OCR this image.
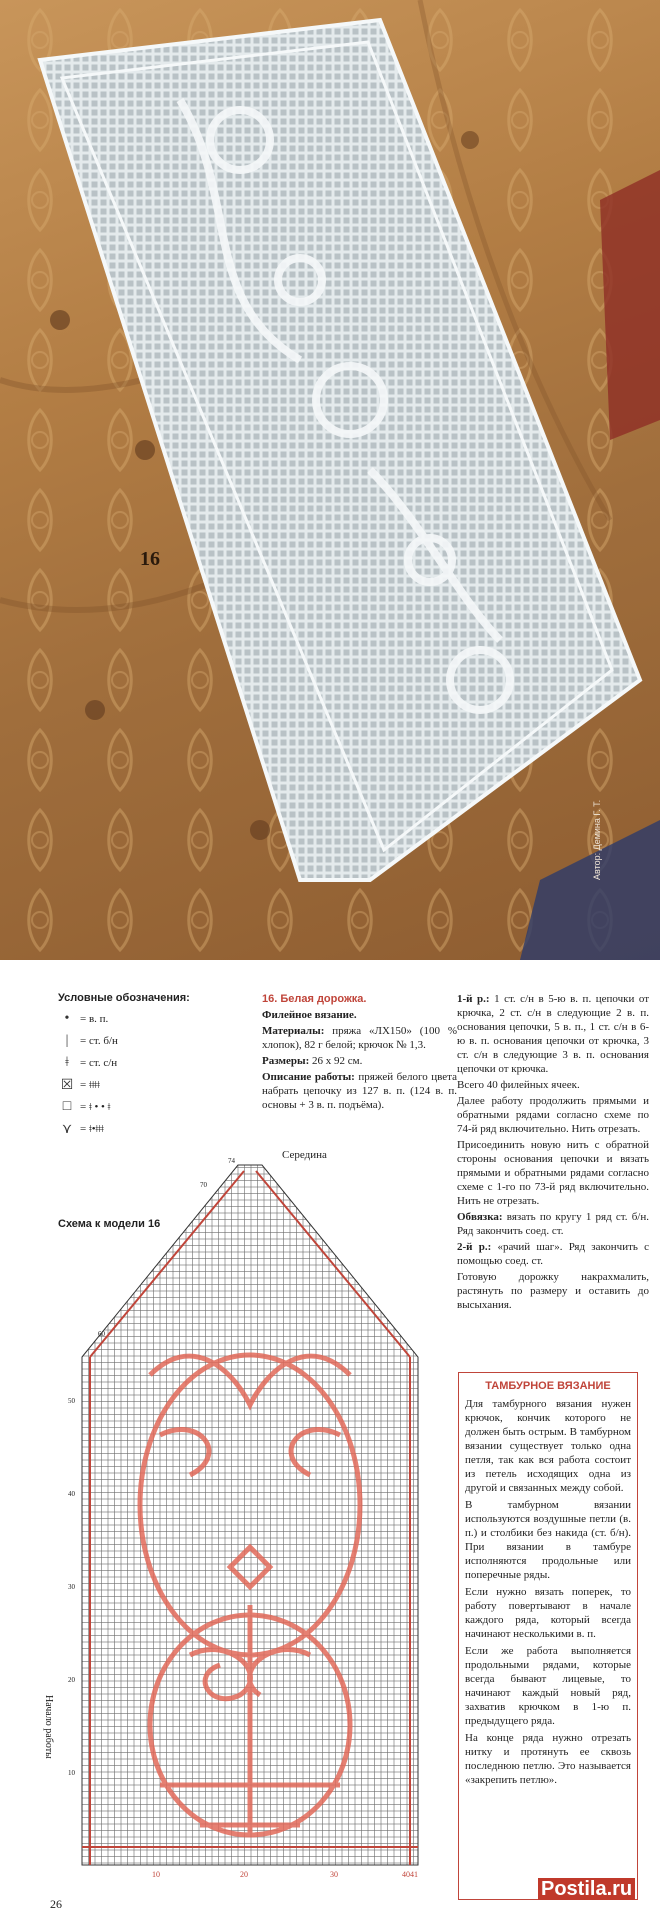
16
Автор: Демина Г. Т.
Условные обозначения:
• = в. п.
|	= ст. б/н
ǂ	= ст. с/н
☒ = ǂǂǂǂ
□ = ǂ • • ǂ
⋎ = ǂ•ǂǂǂ
Схема к модели 16
Середина
Начало работы
74
70
60
50
40
30
20
10
10	20	30	4041

16. Белая дорожка.

Филейное вязание.

Материалы: пряжа «ЛХ150» (100 % хлопок), 82 г белой; крючок № 1,3.

Размеры: 26 х 92 см.

Описание работы: пряжей белого цвета набрать цепочку из 127 в. п. (124 в. п. основы + 3 в. п. подъёма).

1-й р.: 1 ст. с/н в 5-ю в. п. цепочки от крючка, 2 ст. с/н в следующие 2 в. п. основания цепочки, 5 в. п., 1 ст. с/н в 6-ю в. п. основания цепочки от крючка, 3 ст. с/н в следующие 3 в. п. основания цепочки от крючка.

Всего 40 филейных ячеек.

Далее работу продолжить прямыми и обратными рядами согласно схеме по 74-й ряд включительно. Нить отрезать.

Присоединить новую нить с обратной стороны основания цепочки и вязать прямыми и обратными рядами согласно схеме с 1-го по 73-й ряд включительно. Нить не отрезать.

Обвязка: вязать по кругу 1 ряд ст. б/н. Ряд закончить соед. ст.

2-й р.: «рачий шаг». Ряд закончить с помощью соед. ст.

Готовую дорожку накрахмалить, растянуть по размеру и оставить до высыхания.

ТАМБУРНОЕ ВЯЗАНИЕ

Для тамбурного вязания нужен крючок, кончик которого не должен быть острым. В тамбурном вязании существует только одна петля, так как вся работа состоит из петель исходящих одна из другой и связанных между собой.

В тамбурном вязании используются воздушные петли (в. п.) и столбики без накида (ст. б/н). При вязании в тамбуре исполняются продольные или поперечные ряды.

Если нужно вязать поперек, то работу повертывают в начале каждого ряда, который всегда начинают несколькими в. п.

Если же работа выполняется продольными рядами, которые всегда бывают лицевые, то начинают каждый новый ряд, захватив крючком в 1-ю п. предыдущего ряда.

На конце ряда нужно отрезать нитку и протянуть ее сквозь последнюю петлю. Это называется «закрепить петлю».

26
Postila.ru
